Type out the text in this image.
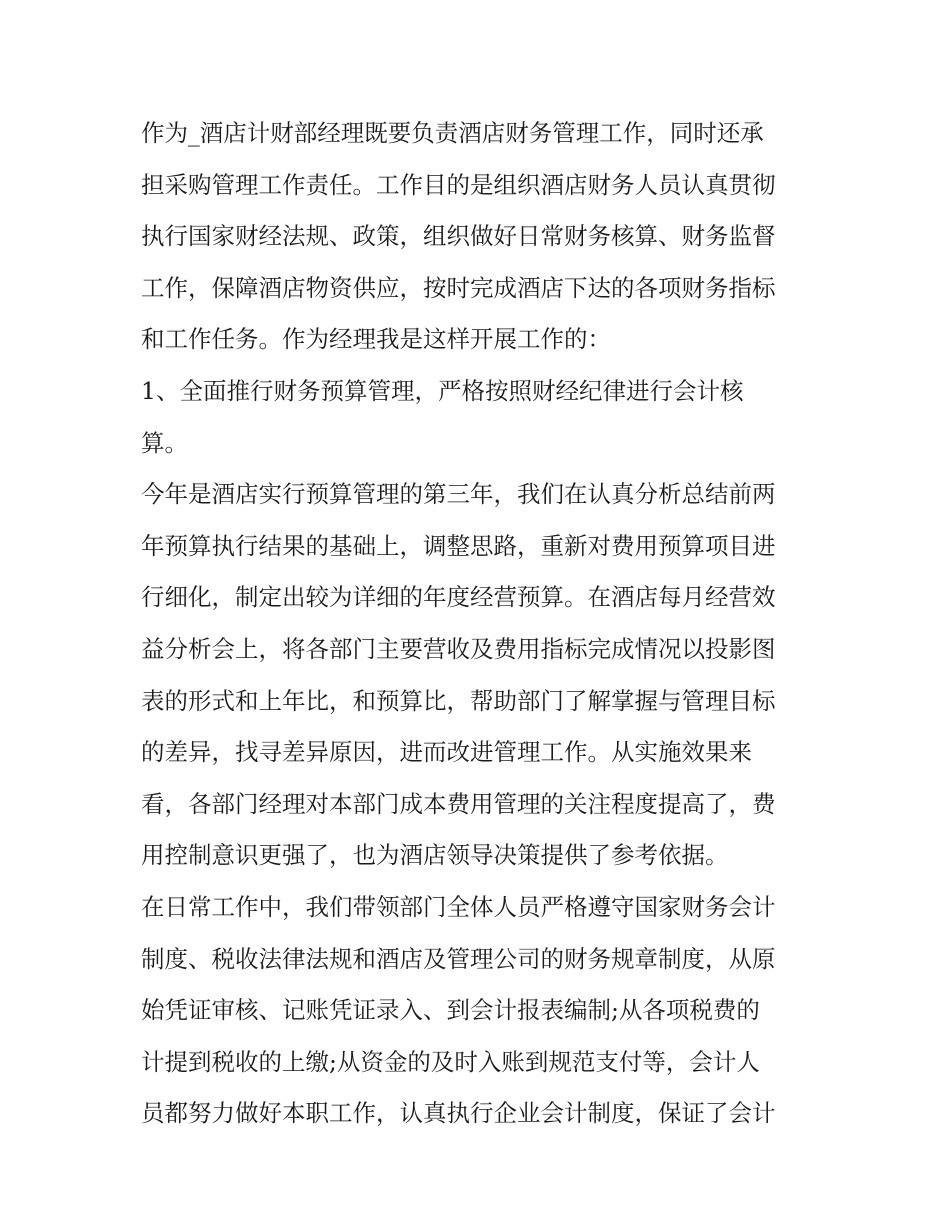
作为_酒店计财部经理既要负责酒店财务管理工作，同时还承
担采购管理工作责任。工作目的是组织酒店财务人员认真贯彻
执行国家财经法规、政策，组织做好日常财务核算、财务监督
工作，保障酒店物资供应，按时完成酒店下达的各项财务指标
和工作任务。作为经理我是这样开展工作的：
1、全面推行财务预算管理，严格按照财经纪律进行会计核
算。
今年是酒店实行预算管理的第三年，我们在认真分析总结前两
年预算执行结果的基础上，调整思路，重新对费用预算项目进
行细化，制定出较为详细的年度经营预算。在酒店每月经营效
益分析会上，将各部门主要营收及费用指标完成情况以投影图
表的形式和上年比，和预算比，帮助部门了解掌握与管理目标
的差异，找寻差异原因，进而改进管理工作。从实施效果来
看，各部门经理对本部门成本费用管理的关注程度提高了，费
用控制意识更强了，也为酒店领导决策提供了参考依据。
在日常工作中，我们带领部门全体人员严格遵守国家财务会计
制度、税收法律法规和酒店及管理公司的财务规章制度，从原
始凭证审核、记账凭证录入、到会计报表编制;从各项税费的
计提到税收的上缴;从资金的及时入账到规范支付等，会计人
员都努力做好本职工作，认真执行企业会计制度，保证了会计
